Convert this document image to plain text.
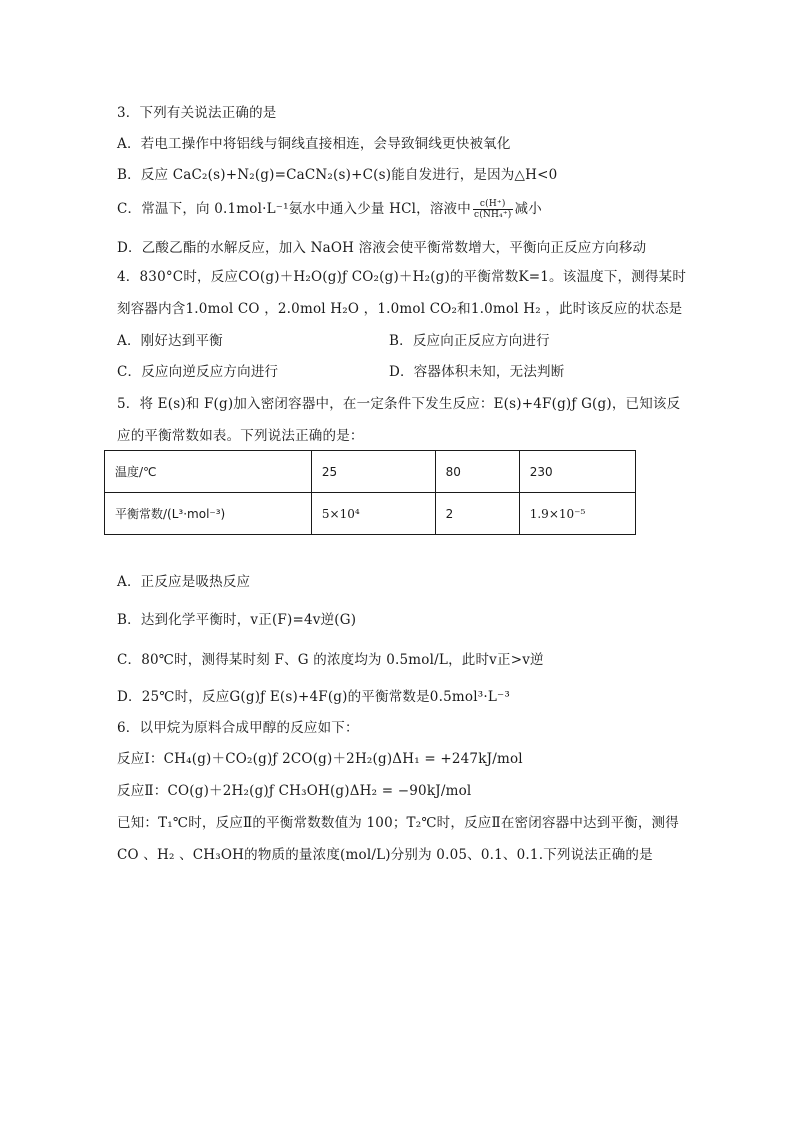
3．下列有关说法正确的是
A．若电工操作中将铝线与铜线直接相连，会导致铜线更快被氧化
B．反应 CaC₂(s)+N₂(g)=CaCN₂(s)+C(s)能自发进行，是因为△H<0
C．常温下，向 0.1mol·L⁻¹氨水中通入少量 HCl，溶液中 $\frac{c(H^+)}{\text{c(NH₄⁺)}}$ 减小
D．乙酸乙酯的水解反应，加入 NaOH 溶液会使平衡常数增大，平衡向正反应方向移动
4．830°C时，反应CO(g)＋H₂O(g)ƒ CO₂(g)＋H₂(g)的平衡常数K=1。该温度下，测得某时
刻容器内含1.0mol CO ，2.0mol H₂O ，1.0mol CO₂和1.0mol H₂ ，此时该反应的状态是
A．刚好达到平衡	B．反应向正反应方向进行
C．反应向逆反应方向进行	D．容器体积未知，无法判断
5．将 E(s)和 F(g)加入密闭容器中，在一定条件下发生反应：E(s)+4F(g)ƒ G(g)，已知该反
应的平衡常数如表。下列说法正确的是：
温度/℃	25	80	230
平衡常数/(L³·mol⁻³)	5×10⁴	2	1.9×10⁻⁵
A．正反应是吸热反应
B．达到化学平衡时，v正(F)=4v逆(G)
C．80℃时，测得某时刻 F、G 的浓度均为 0.5mol/L，此时v正>v逆
D．25℃时，反应G(g)ƒ E(s)+4F(g)的平衡常数是0.5mol³·L⁻³
6．以甲烷为原料合成甲醇的反应如下：
反应Ⅰ：CH₄(g)＋CO₂(g)ƒ 2CO(g)＋2H₂(g)ΔH₁ = +247kJ/mol
反应Ⅱ：CO(g)＋2H₂(g)ƒ CH₃OH(g)ΔH₂ = −90kJ/mol
已知：T₁℃时，反应Ⅱ的平衡常数数值为 100；T₂℃时，反应Ⅱ在密闭容器中达到平衡，测得
CO 、H₂ 、CH₃OH的物质的量浓度(mol/L)分别为 0.05、0.1、0.1.下列说法正确的是
